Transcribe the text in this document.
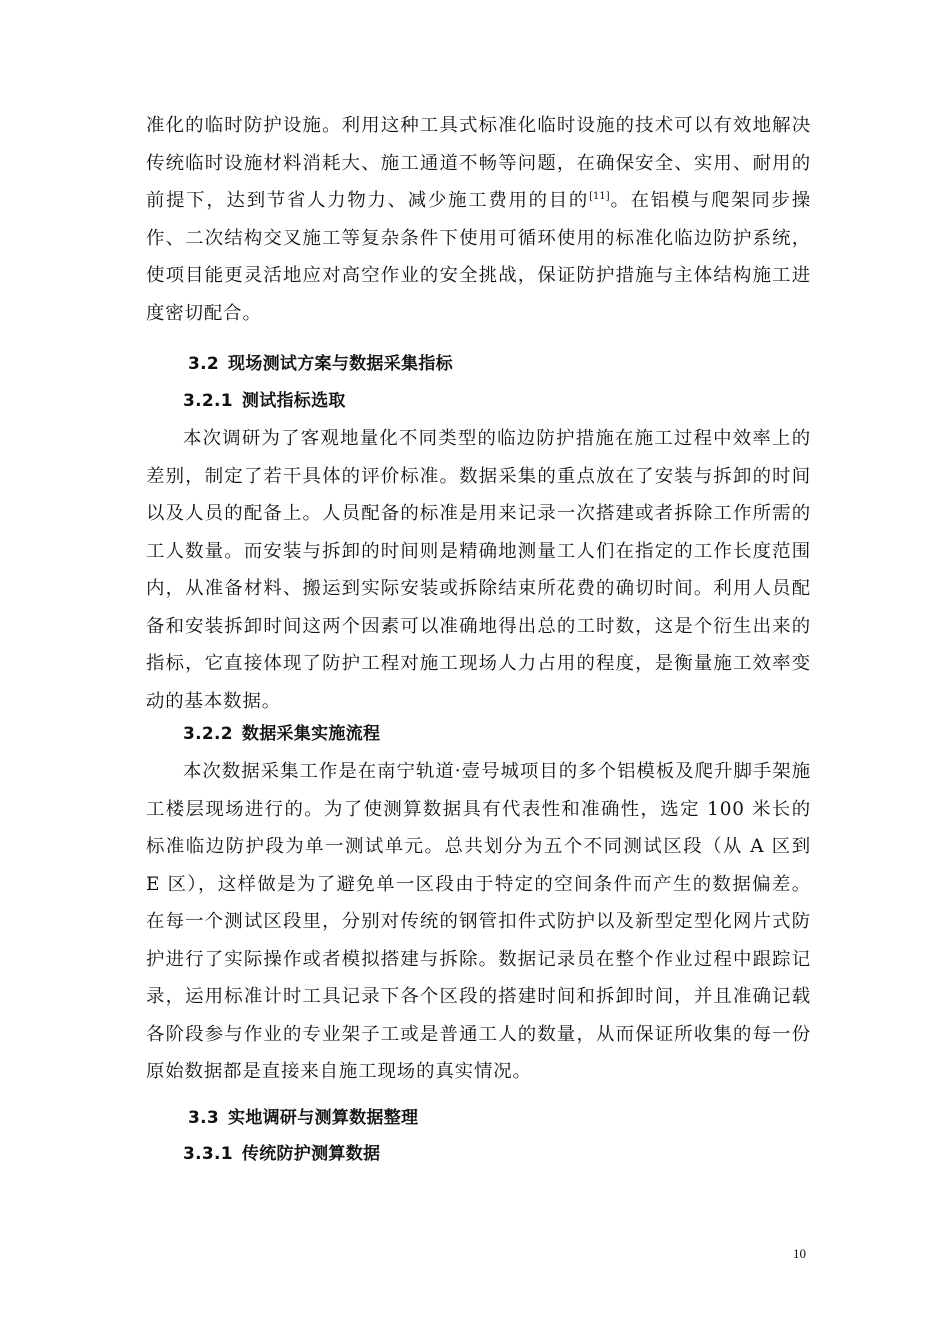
准化的临时防护设施。利用这种工具式标准化临时设施的技术可以有效地解决传统临时设施材料消耗大、施工通道不畅等问题，在确保安全、实用、耐用的前提下，达到节省人力物力、减少施工费用的目的[11]。在铝模与爬架同步操作、二次结构交叉施工等复杂条件下使用可循环使用的标准化临边防护系统，使项目能更灵活地应对高空作业的安全挑战，保证防护措施与主体结构施工进度密切配合。

3.2 现场测试方案与数据采集指标
3.2.1 测试指标选取

本次调研为了客观地量化不同类型的临边防护措施在施工过程中效率上的差别，制定了若干具体的评价标准。数据采集的重点放在了安装与拆卸的时间以及人员的配备上。人员配备的标准是用来记录一次搭建或者拆除工作所需的工人数量。而安装与拆卸的时间则是精确地测量工人们在指定的工作长度范围内，从准备材料、搬运到实际安装或拆除结束所花费的确切时间。利用人员配备和安装拆卸时间这两个因素可以准确地得出总的工时数，这是个衍生出来的指标，它直接体现了防护工程对施工现场人力占用的程度，是衡量施工效率变动的基本数据。

3.2.2 数据采集实施流程

本次数据采集工作是在南宁轨道·壹号城项目的多个铝模板及爬升脚手架施工楼层现场进行的。为了使测算数据具有代表性和准确性，选定 100 米长的标准临边防护段为单一测试单元。总共划分为五个不同测试区段（从 A 区到 E 区），这样做是为了避免单一区段由于特定的空间条件而产生的数据偏差。在每一个测试区段里，分别对传统的钢管扣件式防护以及新型定型化网片式防护进行了实际操作或者模拟搭建与拆除。数据记录员在整个作业过程中跟踪记录，运用标准计时工具记录下各个区段的搭建时间和拆卸时间，并且准确记载各阶段参与作业的专业架子工或是普通工人的数量，从而保证所收集的每一份原始数据都是直接来自施工现场的真实情况。

3.3 实地调研与测算数据整理
3.3.1 传统防护测算数据
10
